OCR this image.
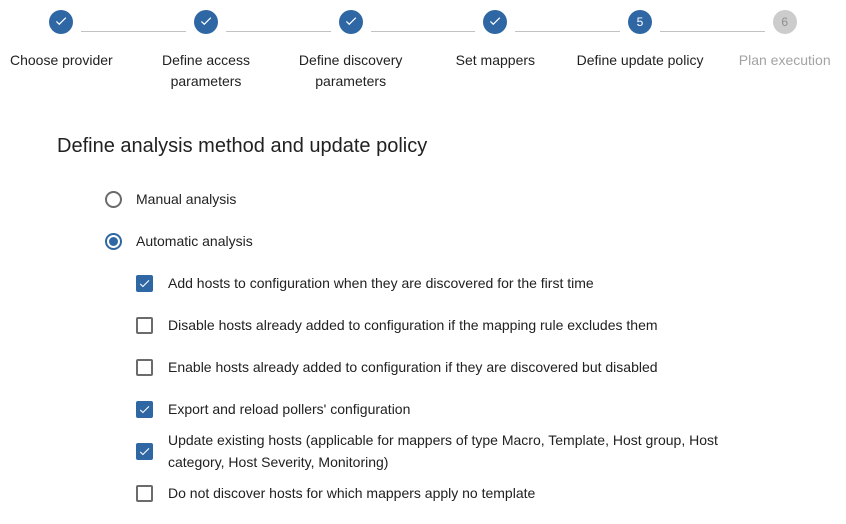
Choose provider	Define access parameters
Define discovery parameters
Set mappers
5
Define update policy
6
Plan execution
Define analysis method and update policy
Manual analysis
Automatic analysis
Add hosts to configuration when they are discovered for the first time
Disable hosts already added to configuration if the mapping rule excludes them
Enable hosts already added to configuration if they are discovered but disabled
Export and reload pollers' configuration
Update existing hosts (applicable for mappers of type Macro, Template, Host group, Host category, Host Severity, Monitoring)
Do not discover hosts for which mappers apply no template
